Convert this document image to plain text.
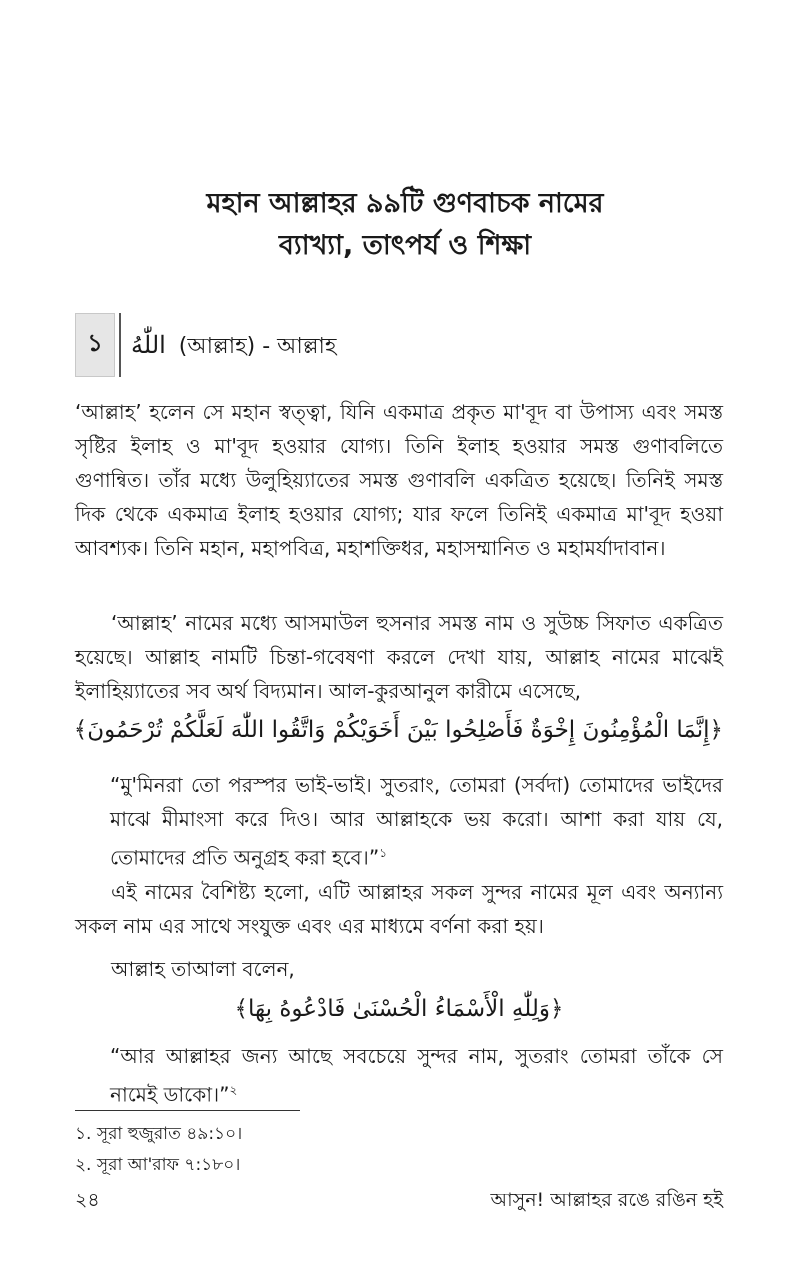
মহান আল্লাহর ৯৯টি গুণবাচক নামের
ব্যাখ্যা, তাৎপর্য ও শিক্ষা
১	اللّٰهُ (আল্লাহ) - আল্লাহ

‘আল্লাহ’ হলেন সে মহান স্বত্ত্বা, যিনি একমাত্র প্রকৃত মা'বূদ বা উপাস্য এবং সমস্ত সৃষ্টির ইলাহ ও মা'বূদ হওয়ার যোগ্য। তিনি ইলাহ হওয়ার সমস্ত গুণাবলিতে গুণান্বিত। তাঁর মধ্যে উলুহিয়্যাতের সমস্ত গুণাবলি একত্রিত হয়েছে। তিনিই সমস্ত দিক থেকে একমাত্র ইলাহ হওয়ার যোগ্য; যার ফলে তিনিই একমাত্র মা'বূদ হওয়া আবশ্যক। তিনি মহান, মহাপবিত্র, মহাশক্তিধর, মহাসম্মানিত ও মহামর্যাদাবান।

‘আল্লাহ’ নামের মধ্যে আসমাউল হুসনার সমস্ত নাম ও সুউচ্চ সিফাত একত্রিত হয়েছে। আল্লাহ নামটি চিন্তা-গবেষণা করলে দেখা যায়, আল্লাহ নামের মাঝেই ইলাহিয়্যাতের সব অর্থ বিদ্যমান। আল-কুরআনুল কারীমে এসেছে,

﴿إِنَّمَا الْمُؤْمِنُونَ إِخْوَةٌ فَأَصْلِحُوا بَيْنَ أَخَوَيْكُمْ وَاتَّقُوا اللّٰهَ لَعَلَّكُمْ تُرْحَمُونَ﴾

“মু'মিনরা তো পরস্পর ভাই-ভাই। সুতরাং, তোমরা (সর্বদা) তোমাদের ভাইদের মাঝে মীমাংসা করে দিও। আর আল্লাহকে ভয় করো। আশা করা যায় যে, তোমাদের প্রতি অনুগ্রহ করা হবে।”$^১$

এই নামের বৈশিষ্ট্য হলো, এটি আল্লাহর সকল সুন্দর নামের মূল এবং অন্যান্য সকল নাম এর সাথে সংযুক্ত এবং এর মাধ্যমে বর্ণনা করা হয়।

আল্লাহ তাআলা বলেন,

﴿وَلِلّٰهِ الْأَسْمَاءُ الْحُسْنَىٰ فَادْعُوهُ بِهَا﴾

“আর আল্লাহর জন্য আছে সবচেয়ে সুন্দর নাম, সুতরাং তোমরা তাঁকে সে নামেই ডাকো।”$^২$

১. সূরা হুজুরাত ৪৯:১০।
২. সূরা আ'রাফ ৭:১৮০।
২৪	আসুন! আল্লাহর রঙে রঙিন হই
